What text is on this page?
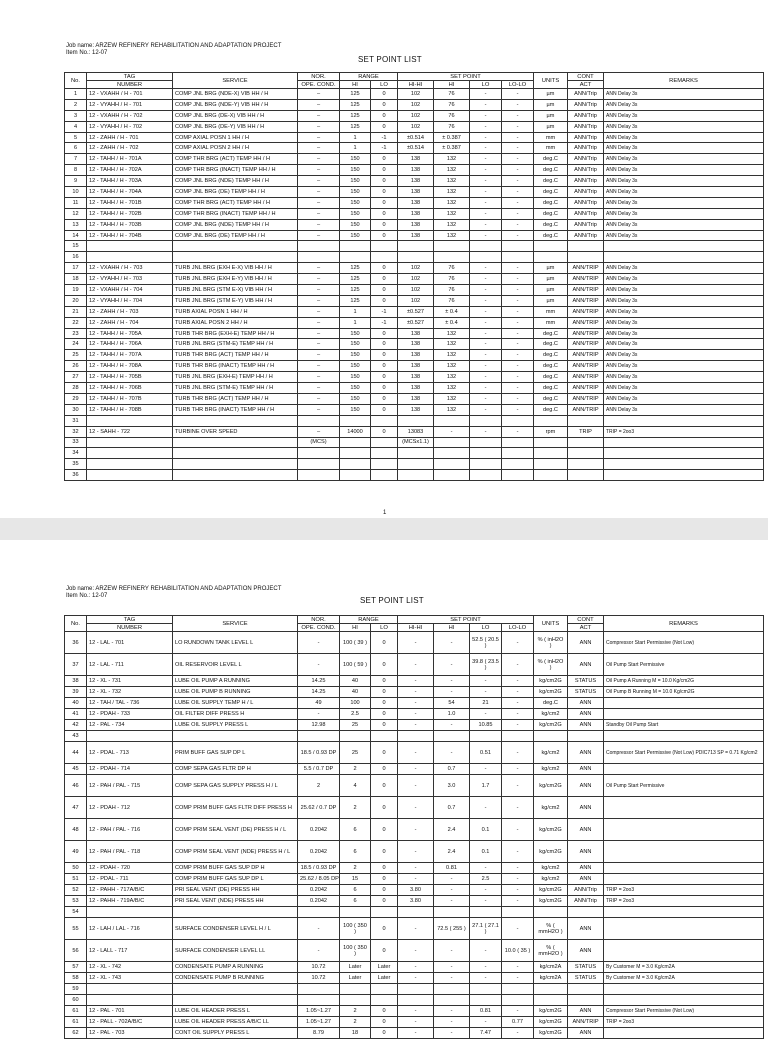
Job name: ARZEW REFINERY REHABILITATION AND ADAPTATION PROJECT
Item No.: 12-07
SET POINT LIST
No.	TAG	SERVICE	NOR.	RANGE		SET POINT				UNITS	CONT	REMARKS
	NUMBER		OPE. COND.	HI	LO	HI-HI	HI	LO	LO-LO		ACT	
1	12 - VXAHH / H - 701	COMP JNL BRG (NDE-X) VIB HH / H	–	125	0	102	76	-	-	µm	ANN/Trip	ANN Delay 3s
2	12 - VYAHH / H - 701	COMP JNL BRG (NDE-Y) VIB HH / H	–	125	0	102	76	-	-	µm	ANN/Trip	ANN Delay 3s
3	12 - VXAHH / H - 702	COMP JNL BRG (DE-X) VIB HH / H	–	125	0	102	76	-	-	µm	ANN/Trip	ANN Delay 3s
4	12 - VYAHH / H - 702	COMP JNL BRG (DE-Y) VIB HH / H	–	125	0	102	76	-	-	µm	ANN/Trip	ANN Delay 3s
5	12 - ZAHH / H - 701	COMP AXIAL POSN 1 HH / H	–	1	-1	±0.514	± 0.387	-	-	mm	ANN/Trip	ANN Delay 3s
6	12 - ZAHH / H - 702	COMP AXIAL POSN 2 HH / H	–	1	-1	±0.514	± 0.387	-	-	mm	ANN/Trip	ANN Delay 3s
7	12 - TAHH / H - 701A	COMP THR BRG (ACT) TEMP HH / H	–	150	0	138	132	-	-	deg.C	ANN/Trip	ANN Delay 3s
8	12 - TAHH / H - 702A	COMP THR BRG (INACT) TEMP HH / H	–	150	0	138	132	-	-	deg.C	ANN/Trip	ANN Delay 3s
9	12 - TAHH / H - 703A	COMP JNL BRG (NDE) TEMP HH / H	–	150	0	138	132	-	-	deg.C	ANN/Trip	ANN Delay 3s
10	12 - TAHH / H - 704A	COMP JNL BRG (DE) TEMP HH / H	–	150	0	138	132	-	-	deg.C	ANN/Trip	ANN Delay 3s
11	12 - TAHH / H - 701B	COMP THR BRG (ACT) TEMP HH / H	–	150	0	138	132	-	-	deg.C	ANN/Trip	ANN Delay 3s
12	12 - TAHH / H - 702B	COMP THR BRG (INACT) TEMP HH / H	–	150	0	138	132	-	-	deg.C	ANN/Trip	ANN Delay 3s
13	12 - TAHH / H - 703B	COMP JNL BRG (NDE) TEMP HH / H	–	150	0	138	132	-	-	deg.C	ANN/Trip	ANN Delay 3s
14	12 - TAHH / H - 704B	COMP JNL BRG (DE) TEMP HH / H	–	150	0	138	132	-	-	deg.C	ANN/Trip	ANN Delay 3s
15												
16												
17	12 - VXAHH / H - 703	TURB JNL BRG (EXH E-X) VIB HH / H	–	125	0	102	76	-	-	µm	ANN/TRIP	ANN Delay 3s
18	12 - VYAHH / H - 703	TURB JNL BRG (EXH E-Y) VIB HH / H	–	125	0	102	76	-	-	µm	ANN/TRIP	ANN Delay 3s
19	12 - VXAHH / H - 704	TURB JNL BRG (STM E-X) VIB HH / H	–	125	0	102	76	-	-	µm	ANN/TRIP	ANN Delay 3s
20	12 - VYAHH / H - 704	TURB JNL BRG (STM E-Y) VIB HH / H	–	125	0	102	76	-	-	µm	ANN/TRIP	ANN Delay 3s
21	12 - ZAHH / H - 703	TURB AXIAL POSN 1 HH / H	–	1	-1	±0.527	± 0.4	-	-	mm	ANN/TRIP	ANN Delay 3s
22	12 - ZAHH / H - 704	TURB AXIAL POSN 2 HH / H	–	1	-1	±0.527	± 0.4	-	-	mm	ANN/TRIP	ANN Delay 3s
23	12 - TAHH / H - 705A	TURB THR BRG (EXH-E) TEMP HH / H	–	150	0	138	132	-	-	deg.C	ANN/TRIP	ANN Delay 3s
24	12 - TAHH / H - 706A	TURB JNL BRG (STM-E) TEMP HH / H	–	150	0	138	132	-	-	deg.C	ANN/TRIP	ANN Delay 3s
25	12 - TAHH / H - 707A	TURB THR BRG (ACT) TEMP HH / H	–	150	0	138	132	-	-	deg.C	ANN/TRIP	ANN Delay 3s
26	12 - TAHH / H - 708A	TURB THR BRG (INACT) TEMP HH / H	–	150	0	138	132	-	-	deg.C	ANN/TRIP	ANN Delay 3s
27	12 - TAHH / H - 705B	TURB JNL BRG (EXH-E) TEMP HH / H	–	150	0	138	132	-	-	deg.C	ANN/TRIP	ANN Delay 3s
28	12 - TAHH / H - 706B	TURB JNL BRG (STM-E) TEMP HH / H	–	150	0	138	132	-	-	deg.C	ANN/TRIP	ANN Delay 3s
29	12 - TAHH / H - 707B	TURB THR BRG (ACT) TEMP HH / H	–	150	0	138	132	-	-	deg.C	ANN/TRIP	ANN Delay 3s
30	12 - TAHH / H - 708B	TURB THR BRG (INACT) TEMP HH / H	–	150	0	138	132	-	-	deg.C	ANN/TRIP	ANN Delay 3s
31												
32	12 - SAHH - 722	TURBINE OVER SPEED	–	14000	0	13083	-	-	-	rpm	TRIP	TRIP = 2oo3
33			(MCS)			(MCSx1.1)						
34												
35												
36												
1
Job name: ARZEW REFINERY REHABILITATION AND ADAPTATION PROJECT
Item No.: 12-07	SET POINT LIST
No.	TAG	SERVICE	NOR.	RANGE		SET POINT				UNITS	CONT	REMARKS
	NUMBER		OPE. COND.	HI	LO	HI-HI	HI	LO	LO-LO		ACT	
36	12 - LAL - 701	LO RUNDOWN TANK LEVEL L	-	100 ( 39 )	0	-	-	52.5 ( 20.5 )	-	% ( inH2O )	ANN	Compressor Start Permissive (Not Low)
37	12 - LAL - 711	OIL RESERVOIR LEVEL L	-	100 ( 59 )	0	-	-	39.8 ( 23.5 )	-	% ( inH2O )	ANN	Oil Pump Start Permissive
38	12 - XL - 731	LUBE OIL PUMP A RUNNING	14.25	40	0	-	-	-	-	kg/cm2G	STATUS	Oil Pump A Running M = 10.0 Kg/cm2G
39	12 - XL - 732	LUBE OIL PUMP B RUNNING	14.25	40	0	-	-	-	-	kg/cm2G	STATUS	Oil Pump B Running M = 10.0 Kg/cm2G
40	12 - TAH / TAL - 736	LUBE OIL SUPPLY TEMP H / L	49	100	0	-	54	21	-	deg.C	ANN	
41	12 - PDAH - 733	OIL FILTER DIFF PRESS H	-	2.5	0	-	1.0	-	-	kg/cm2	ANN	
42	12 - PAL - 734	LUBE OIL SUPPLY PRESS L	12.98	25	0	-	-	10.85	-	kg/cm2G	ANN	Standby Oil Pump Start
43												
44	12 - PDAL - 713	PRIM BUFF GAS SUP DP L	18.5 / 0.93 DP	25	0	-	-	0.51	-	kg/cm2	ANN	Compressor Start Permissive (Not Low) PDIC713 SP = 0.71 Kg/cm2
45	12 - PDAH - 714	COMP SEPA GAS FLTR DP H	5.5 / 0.7 DP	2	0	-	0.7	-	-	kg/cm2	ANN	
46	12 - PAH / PAL - 715	COMP SEPA GAS SUPPLY PRESS H / L	2	4	0	-	3.0	1.7	-	kg/cm2G	ANN	Oil Pump Start Permissive
47	12 - PDAH - 712	COMP PRIM BUFF GAS FLTR DIFF PRESS H	25.62 / 0.7 DP	2	0	-	0.7	-	-	kg/cm2	ANN	
48	12 - PAH / PAL - 716	COMP PRIM SEAL VENT (DE) PRESS H / L	0.2042	6	0	-	2.4	0.1	-	kg/cm2G	ANN	
49	12 - PAH / PAL - 718	COMP PRIM SEAL VENT (NDE) PRESS H / L	0.2042	6	0	-	2.4	0.1	-	kg/cm2G	ANN	
50	12 - PDAH - 720	COMP PRIM BUFF GAS SUP DP H	18.5 / 0.93 DP	2	0	-	0.81	-	-	kg/cm2	ANN	
51	12 - PDAL - 711	COMP PRIM BUFF GAS SUP DP L	25.62 / 8.05 DP	15	0	-	-	2.5	-	kg/cm2	ANN	
52	12 - PAHH - 717A/B/C	PRI SEAL VENT (DE) PRESS HH	0.2042	6	0	3.80	-	-	-	kg/cm2G	ANN/Trip	TRIP = 2oo3
53	12 - PAHH - 719A/B/C	PRI SEAL VENT (NDE) PRESS HH	0.2042	6	0	3.80	-	-	-	kg/cm2G	ANN/Trip	TRIP = 2oo3
54												
55	12 - LAH / LAL - 716	SURFACE CONDENSER LEVEL H / L	-	100 ( 350 )	0	-	72.5 ( 255 )	27.1 ( 27.1 )	-	% ( mmH2O )	ANN	
56	12 - LALL - 717	SURFACE CONDENSER LEVEL LL	-	100 ( 350 )	0	-	-	-	10.0 ( 35 )	% ( mmH2O )	ANN	
57	12 - XL - 742	CONDENSATE PUMP A RUNNING	10.72	Later	Later	-	-	-	-	kg/cm2A	STATUS	By Customer M = 3.0 Kg/cm2A
58	12 - XL - 743	CONDENSATE PUMP B RUNNING	10.72	Later	Later	-	-	-	-	kg/cm2A	STATUS	By Customer M = 3.0 Kg/cm2A
59												
60												
61	12 - PAL - 701	LUBE OIL HEADER PRESS L	1.05~1.27	2	0	-	-	0.81	-	kg/cm2G	ANN	Compressor Start Permissive (Not Low)
61	12 - PALL - 702A/B/C	LUBE OIL HEADER PRESS A/B/C LL	1.05~1.27	2	0	-	-	-	0.77	kg/cm2G	ANN/TRIP	TRIP = 2oo3
62	12 - PAL - 703	CONT OIL SUPPLY PRESS L	8.79	18	0	-	-	7.47	-	kg/cm2G	ANN	
